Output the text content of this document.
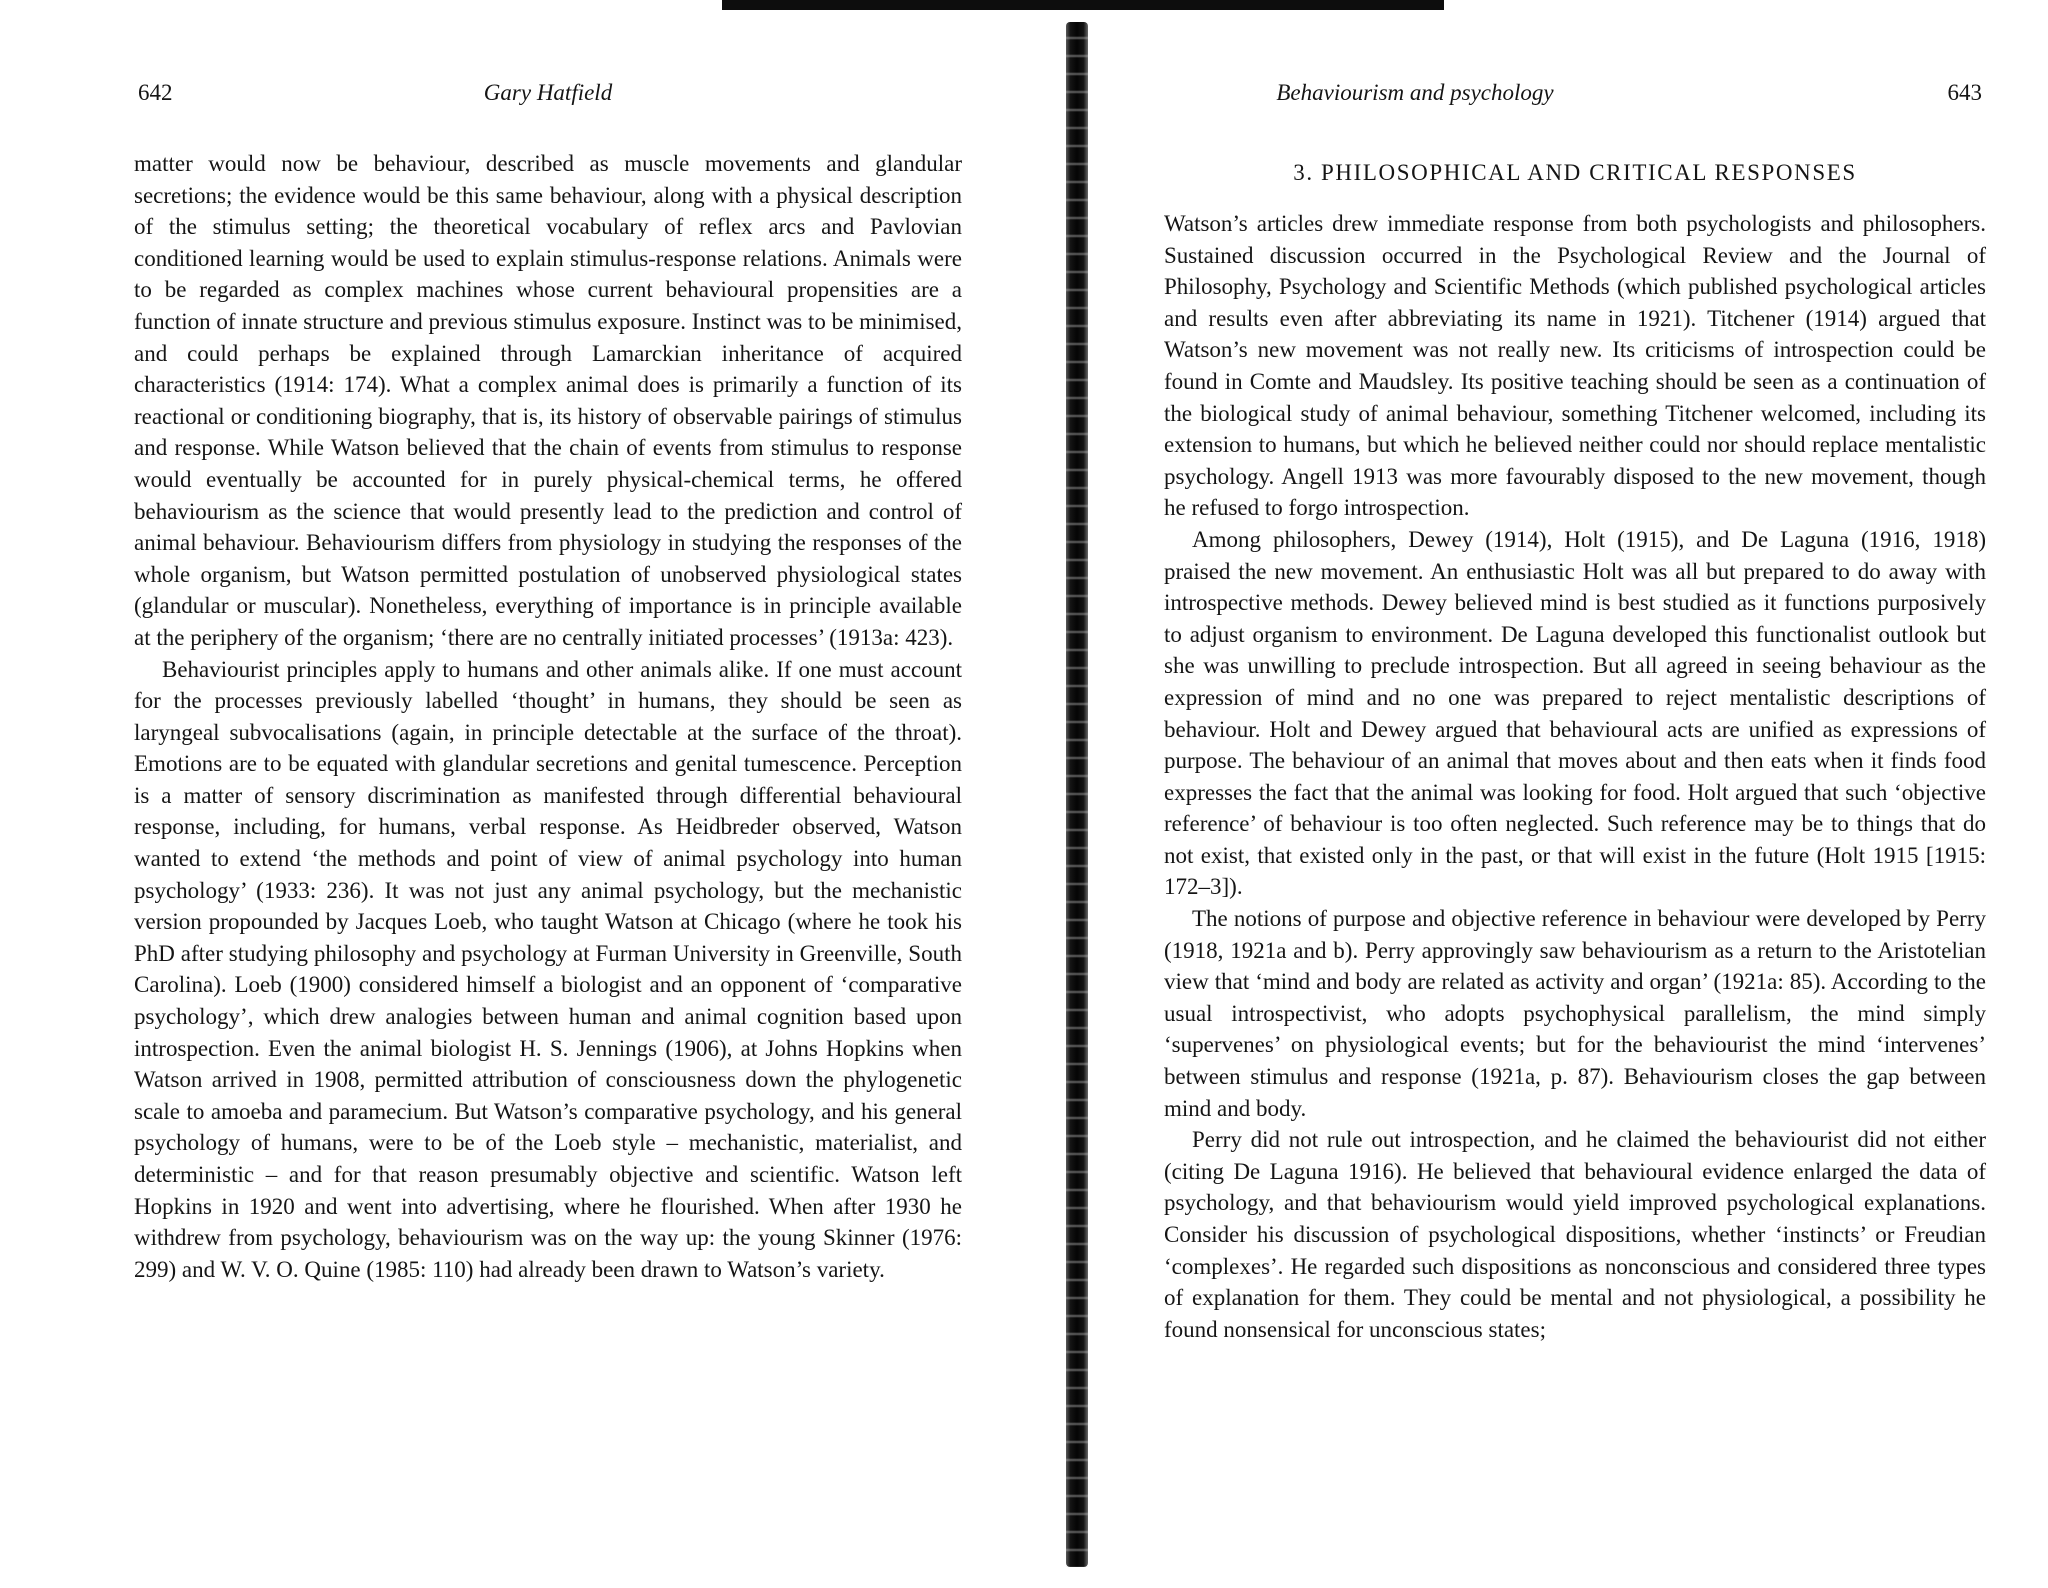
642	Gary Hatfield

matter would now be behaviour, described as muscle movements and glandular secretions; the evidence would be this same behaviour, along with a physical description of the stimulus setting; the theoretical vocabulary of reflex arcs and Pavlovian conditioned learning would be used to explain stimulus-response relations. Animals were to be regarded as complex machines whose current behavioural propensities are a function of innate structure and previous stimulus exposure. Instinct was to be minimised, and could perhaps be explained through Lamarckian inheritance of acquired characteristics (1914: 174). What a complex animal does is primarily a function of its reactional or conditioning biography, that is, its history of observable pairings of stimulus and response. While Watson believed that the chain of events from stimulus to response would eventually be accounted for in purely physical-chemical terms, he offered behaviourism as the science that would presently lead to the prediction and control of animal behaviour. Behaviourism differs from physiology in studying the responses of the whole organism, but Watson permitted postulation of unobserved physiological states (glandular or muscular). Nonetheless, everything of importance is in principle available at the periphery of the organism; ‘there are no centrally initiated processes’ (1913a: 423).

Behaviourist principles apply to humans and other animals alike. If one must account for the processes previously labelled ‘thought’ in humans, they should be seen as laryngeal subvocalisations (again, in principle detectable at the surface of the throat). Emotions are to be equated with glandular secretions and genital tumescence. Perception is a matter of sensory discrimination as manifested through differential behavioural response, including, for humans, verbal response. As Heidbreder observed, Watson wanted to extend ‘the methods and point of view of animal psychology into human psychology’ (1933: 236). It was not just any animal psychology, but the mechanistic version propounded by Jacques Loeb, who taught Watson at Chicago (where he took his PhD after studying philosophy and psychology at Furman University in Greenville, South Carolina). Loeb (1900) considered himself a biologist and an opponent of ‘comparative psychology’, which drew analogies between human and animal cognition based upon introspection. Even the animal biologist H. S. Jennings (1906), at Johns Hopkins when Watson arrived in 1908, permitted attribution of consciousness down the phylogenetic scale to amoeba and paramecium. But Watson’s comparative psychology, and his general psychology of humans, were to be of the Loeb style – mechanistic, materialist, and deterministic – and for that reason presumably objective and scientific. Watson left Hopkins in 1920 and went into advertising, where he flourished. When after 1930 he withdrew from psychology, behaviourism was on the way up: the young Skinner (1976: 299) and W. V. O. Quine (1985: 110) had already been drawn to Watson’s variety.

Behaviourism and psychology	643
3. PHILOSOPHICAL AND CRITICAL RESPONSES

Watson’s articles drew immediate response from both psychologists and philosophers. Sustained discussion occurred in the Psychological Review and the Journal of Philosophy, Psychology and Scientific Methods (which published psychological articles and results even after abbreviating its name in 1921). Titchener (1914) argued that Watson’s new movement was not really new. Its criticisms of introspection could be found in Comte and Maudsley. Its positive teaching should be seen as a continuation of the biological study of animal behaviour, something Titchener welcomed, including its extension to humans, but which he believed neither could nor should replace mentalistic psychology. Angell 1913 was more favourably disposed to the new movement, though he refused to forgo introspection.

Among philosophers, Dewey (1914), Holt (1915), and De Laguna (1916, 1918) praised the new movement. An enthusiastic Holt was all but prepared to do away with introspective methods. Dewey believed mind is best studied as it functions purposively to adjust organism to environment. De Laguna developed this functionalist outlook but she was unwilling to preclude introspection. But all agreed in seeing behaviour as the expression of mind and no one was prepared to reject mentalistic descriptions of behaviour. Holt and Dewey argued that behavioural acts are unified as expressions of purpose. The behaviour of an animal that moves about and then eats when it finds food expresses the fact that the animal was looking for food. Holt argued that such ‘objective reference’ of behaviour is too often neglected. Such reference may be to things that do not exist, that existed only in the past, or that will exist in the future (Holt 1915 [1915: 172–3]).

The notions of purpose and objective reference in behaviour were developed by Perry (1918, 1921a and b). Perry approvingly saw behaviourism as a return to the Aristotelian view that ‘mind and body are related as activity and organ’ (1921a: 85). According to the usual introspectivist, who adopts psychophysical parallelism, the mind simply ‘supervenes’ on physiological events; but for the behaviourist the mind ‘intervenes’ between stimulus and response (1921a, p. 87). Behaviourism closes the gap between mind and body.

Perry did not rule out introspection, and he claimed the behaviourist did not either (citing De Laguna 1916). He believed that behavioural evidence enlarged the data of psychology, and that behaviourism would yield improved psychological explanations. Consider his discussion of psychological dispositions, whether ‘instincts’ or Freudian ‘complexes’. He regarded such dispositions as nonconscious and considered three types of explanation for them. They could be mental and not physiological, a possibility he found nonsensical for unconscious states;
